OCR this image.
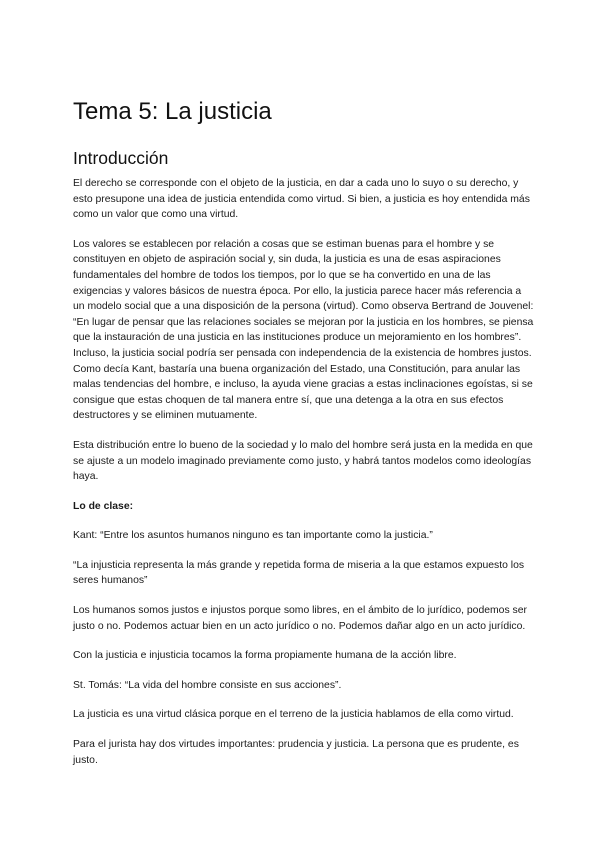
Tema 5: La justicia
Introducción

El derecho se corresponde con el objeto de la justicia, en dar a cada uno lo suyo o su derecho, y esto presupone una idea de justicia entendida como virtud. Si bien, a justicia es hoy entendida más como un valor que como una virtud.

Los valores se establecen por relación a cosas que se estiman buenas para el hombre y se constituyen en objeto de aspiración social y, sin duda, la justicia es una de esas aspiraciones fundamentales del hombre de todos los tiempos, por lo que se ha convertido en una de las exigencias y valores básicos de nuestra época. Por ello, la justicia parece hacer más referencia a un modelo social que a una disposición de la persona (virtud). Como observa Bertrand de Jouvenel: “En lugar de pensar que las relaciones sociales se mejoran por la justicia en los hombres, se piensa que la instauración de una justicia en las instituciones produce un mejoramiento en los hombres”. Incluso, la justicia social podría ser pensada con independencia de la existencia de hombres justos. Como decía Kant, bastaría una buena organización del Estado, una Constitución, para anular las malas tendencias del hombre, e incluso, la ayuda viene gracias a estas inclinaciones egoístas, si se consigue que estas choquen de tal manera entre sí, que una detenga a la otra en sus efectos destructores y se eliminen mutuamente.

Esta distribución entre lo bueno de la sociedad y lo malo del hombre será justa en la medida en que se ajuste a un modelo imaginado previamente como justo, y habrá tantos modelos como ideologías haya.

Lo de clase:

Kant: “Entre los asuntos humanos ninguno es tan importante como la justicia.”

“La injusticia representa la más grande y repetida forma de miseria a la que estamos expuesto los seres humanos”

Los humanos somos justos e injustos porque somo libres, en el ámbito de lo jurídico, podemos ser justo o no. Podemos actuar bien en un acto jurídico o no. Podemos dañar algo en un acto jurídico.

Con la justicia e injusticia tocamos la forma propiamente humana de la acción libre.

St. Tomás: “La vida del hombre consiste en sus acciones”.

La justicia es una virtud clásica porque en el terreno de la justicia hablamos de ella como virtud.

Para el jurista hay dos virtudes importantes: prudencia y justicia. La persona que es prudente, es justo.
